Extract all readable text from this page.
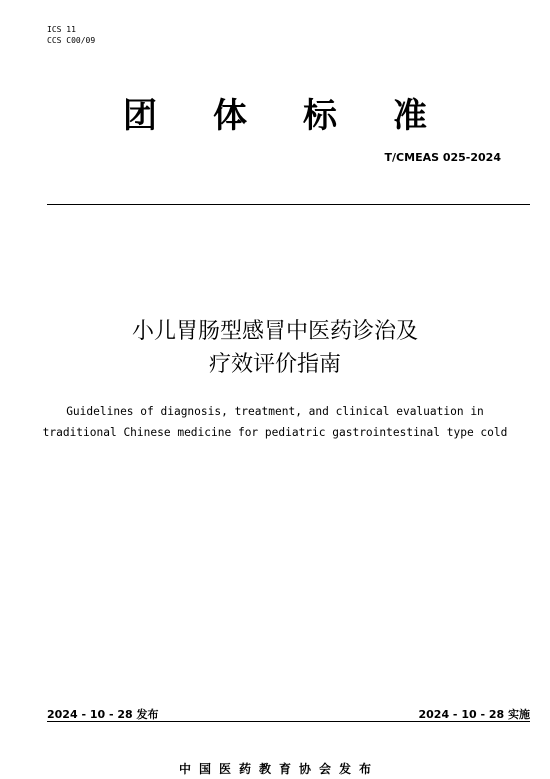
ICS 11
CCS C00/09
团体标准
T/CMEAS 025-2024
小儿胃肠型感冒中医药诊治及
疗效评价指南
Guidelines of diagnosis, treatment, and clinical evaluation in
traditional Chinese medicine for pediatric gastrointestinal type cold
2024 - 10 - 28 发布	2024 - 10 - 28 实施
中国医药教育协会发布
